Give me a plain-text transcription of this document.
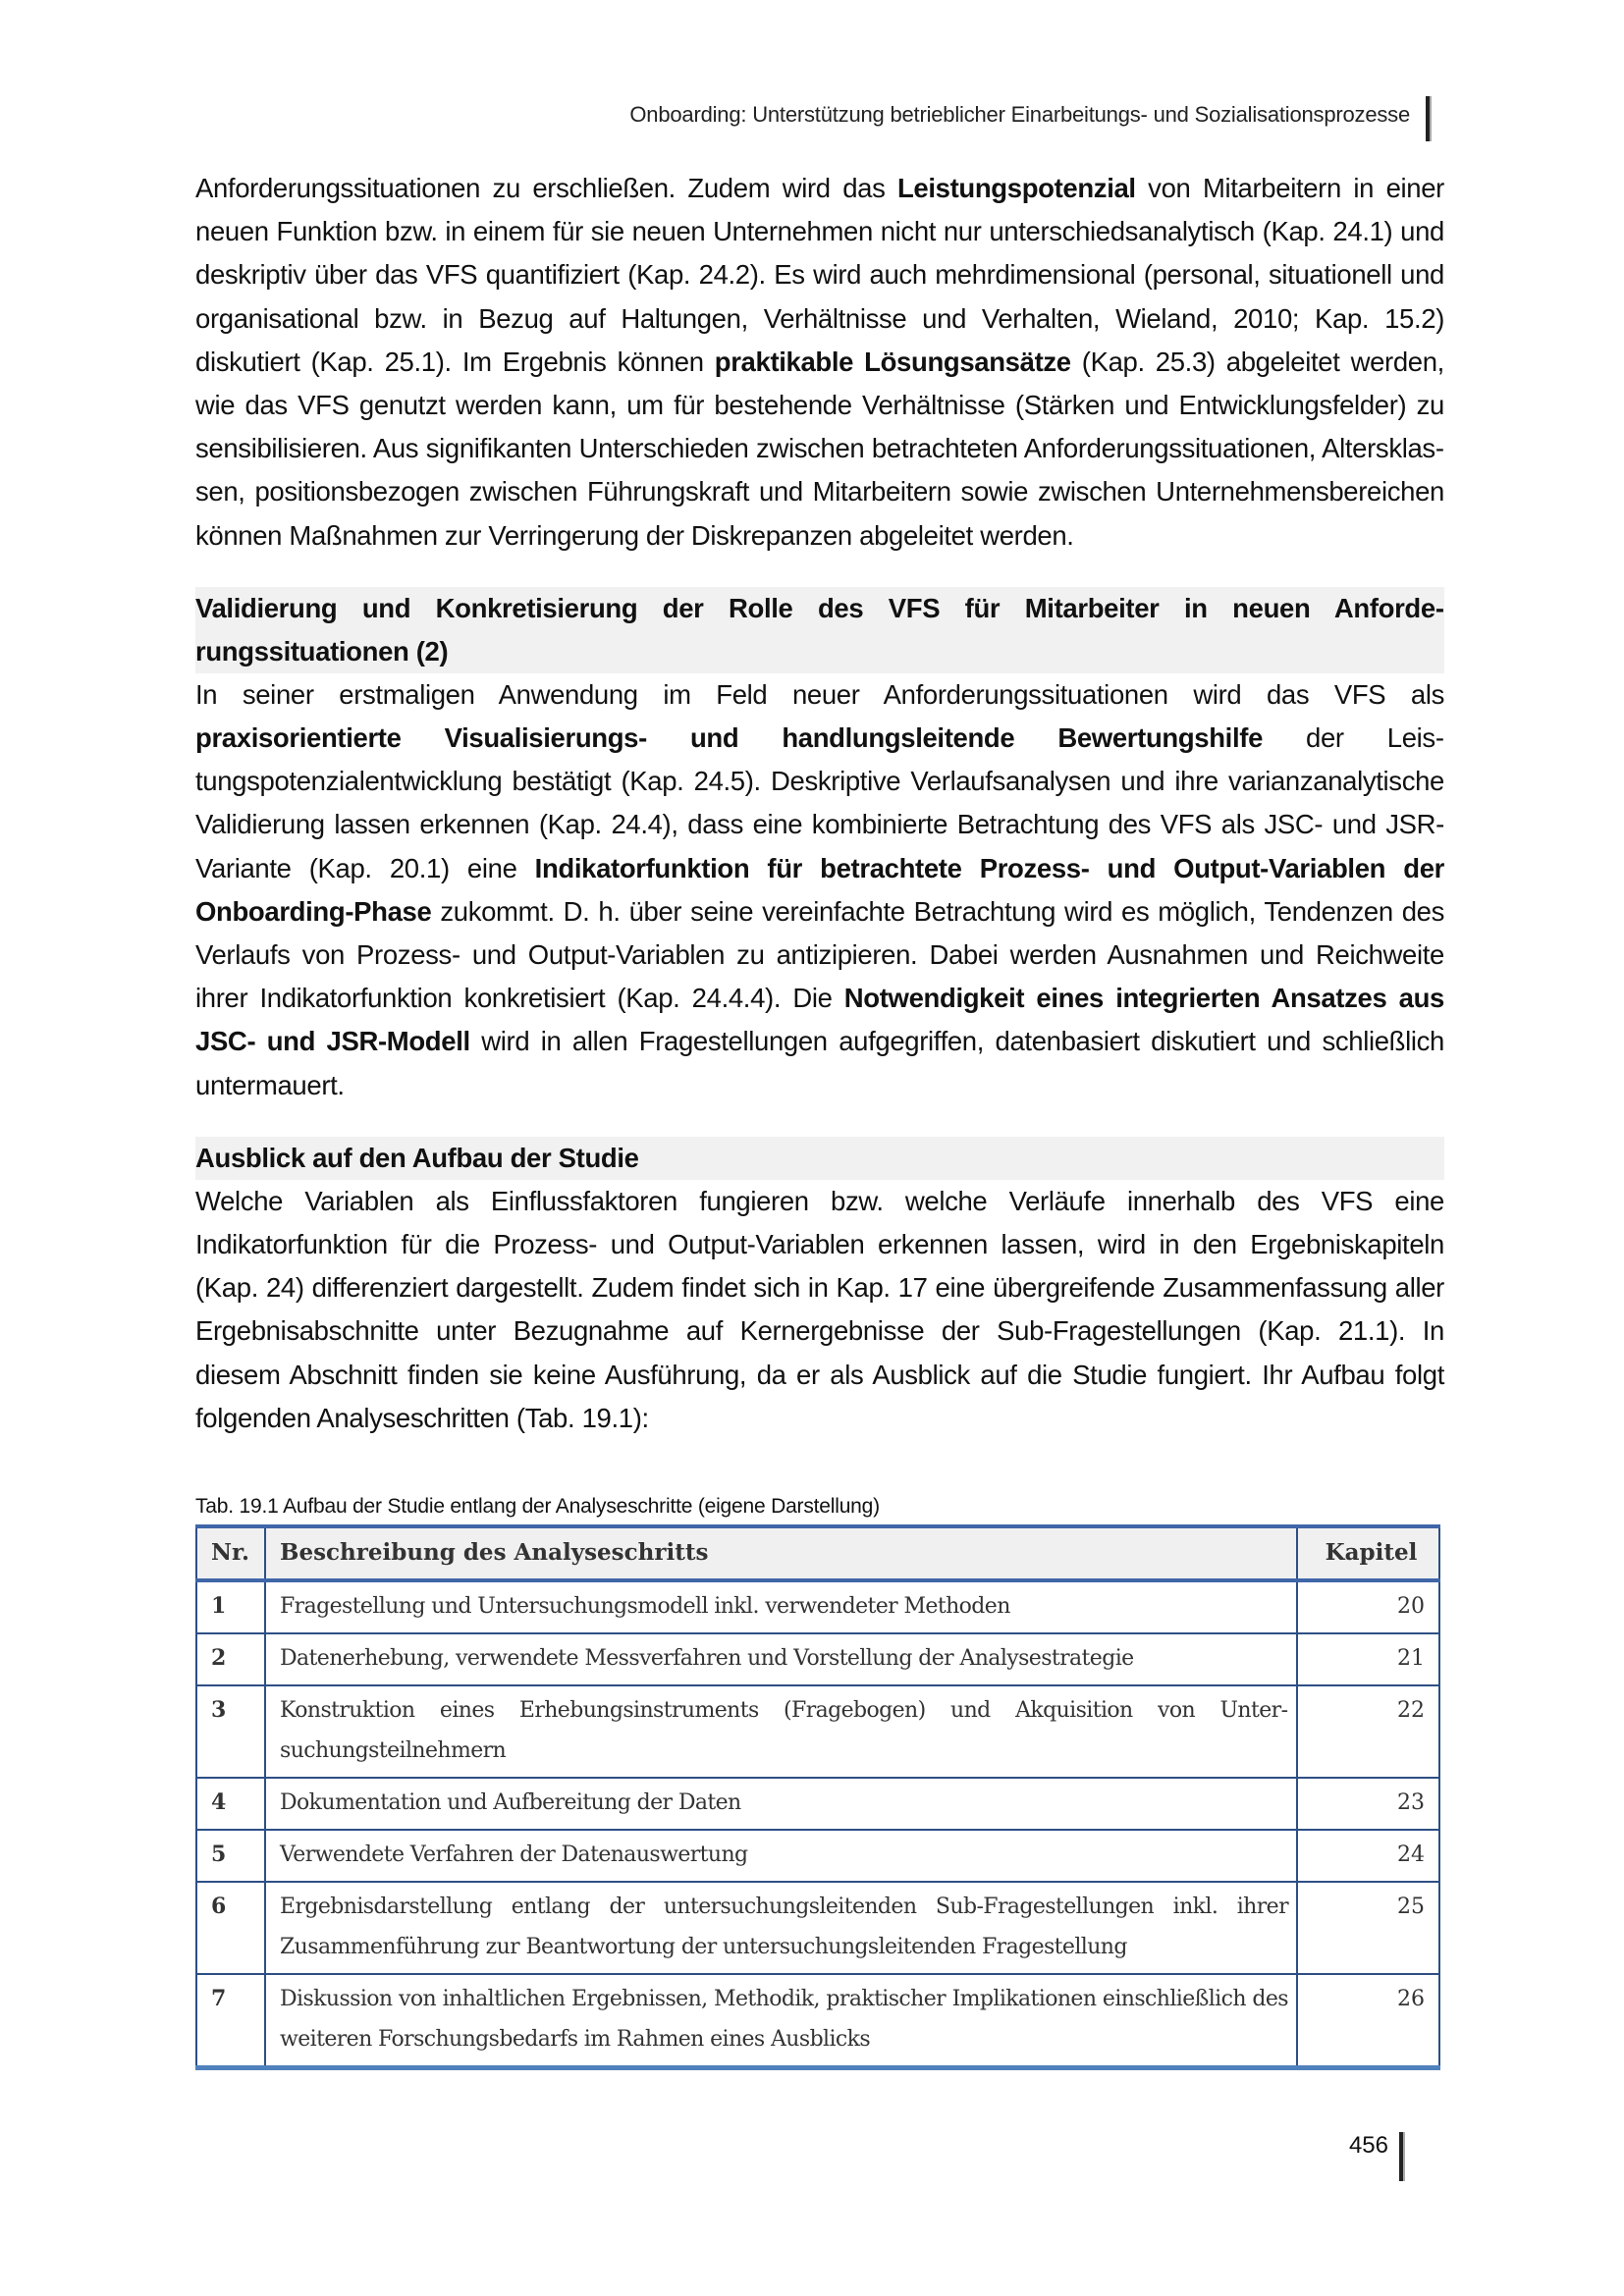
Onboarding: Unterstützung betrieblicher Einarbeitungs- und Sozialisationsprozesse

Anforderungssituationen zu erschließen. Zudem wird das Leistungspotenzial von Mitarbeitern in einer neuen Funktion bzw. in einem für sie neuen Unternehmen nicht nur unterschiedsanalytisch (Kap. 24.1) und deskriptiv über das VFS quantifiziert (Kap. 24.2). Es wird auch mehrdimensional (personal, situationell und organisational bzw. in Bezug auf Haltungen, Verhältnisse und Verhalten, Wieland, 2010; Kap. 15.2) diskutiert (Kap. 25.1). Im Ergebnis können praktikable Lösungsansätze (Kap. 25.3) abgeleitet werden, wie das VFS genutzt werden kann, um für bestehende Verhältnisse (Stärken und Entwicklungsfelder) zu sensibilisieren. Aus signifikanten Unterschieden zwischen betrachteten Anforderungssituationen, Altersklassen, positionsbezogen zwischen Führungskraft und Mitarbeitern sowie zwischen Unternehmensbereichen können Maßnahmen zur Verringerung der Diskrepanzen abgeleitet werden.

Validierung und Konkretisierung der Rolle des VFS für Mitarbeiter in neuen Anforderungssituationen (2)

In seiner erstmaligen Anwendung im Feld neuer Anforderungssituationen wird das VFS als praxisorientierte Visualisierungs- und handlungsleitende Bewertungshilfe der Leistungspotenzialentwicklung bestätigt (Kap. 24.5). Deskriptive Verlaufsanalysen und ihre varianzanalytische Validierung lassen erkennen (Kap. 24.4), dass eine kombinierte Betrachtung des VFS als JSC- und JSR-Variante (Kap. 20.1) eine Indikatorfunktion für betrachtete Prozess- und Output-Variablen der Onboarding-Phase zukommt. D. h. über seine vereinfachte Betrachtung wird es möglich, Tendenzen des Verlaufs von Prozess- und Output-Variablen zu antizipieren. Dabei werden Ausnahmen und Reichweite ihrer Indikatorfunktion konkretisiert (Kap. 24.4.4). Die Notwendigkeit eines integrierten Ansatzes aus JSC- und JSR-Modell wird in allen Fragestellungen aufgegriffen, datenbasiert diskutiert und schließlich untermauert.

Ausblick auf den Aufbau der Studie

Welche Variablen als Einflussfaktoren fungieren bzw. welche Verläufe innerhalb des VFS eine Indikatorfunktion für die Prozess- und Output-Variablen erkennen lassen, wird in den Ergebniskapiteln (Kap. 24) differenziert dargestellt. Zudem findet sich in Kap. 17 eine übergreifende Zusammenfassung aller Ergebnisabschnitte unter Bezugnahme auf Kernergebnisse der Sub-Fragestellungen (Kap. 21.1). In diesem Abschnitt finden sie keine Ausführung, da er als Ausblick auf die Studie fungiert. Ihr Aufbau folgt folgenden Analyseschritten (Tab. 19.1):

Tab. 19.1 Aufbau der Studie entlang der Analyseschritte (eigene Darstellung)
Nr.	Beschreibung des Analyseschritts	Kapitel
1	Fragestellung und Untersuchungsmodell inkl. verwendeter Methoden	20
2	Datenerhebung, verwendete Messverfahren und Vorstellung der Analysestrategie	21
3	Konstruktion eines Erhebungsinstruments (Fragebogen) und Akquisition von Untersuchungsteilnehmern	22
4	Dokumentation und Aufbereitung der Daten	23
5	Verwendete Verfahren der Datenauswertung	24
6	Ergebnisdarstellung entlang der untersuchungsleitenden Sub-Fragestellungen inkl. ihrer Zusammenführung zur Beantwortung der untersuchungsleitenden Fragestellung	25
7	Diskussion von inhaltlichen Ergebnissen, Methodik, praktischer Implikationen einschließlich des weiteren Forschungsbedarfs im Rahmen eines Ausblicks	26
456
